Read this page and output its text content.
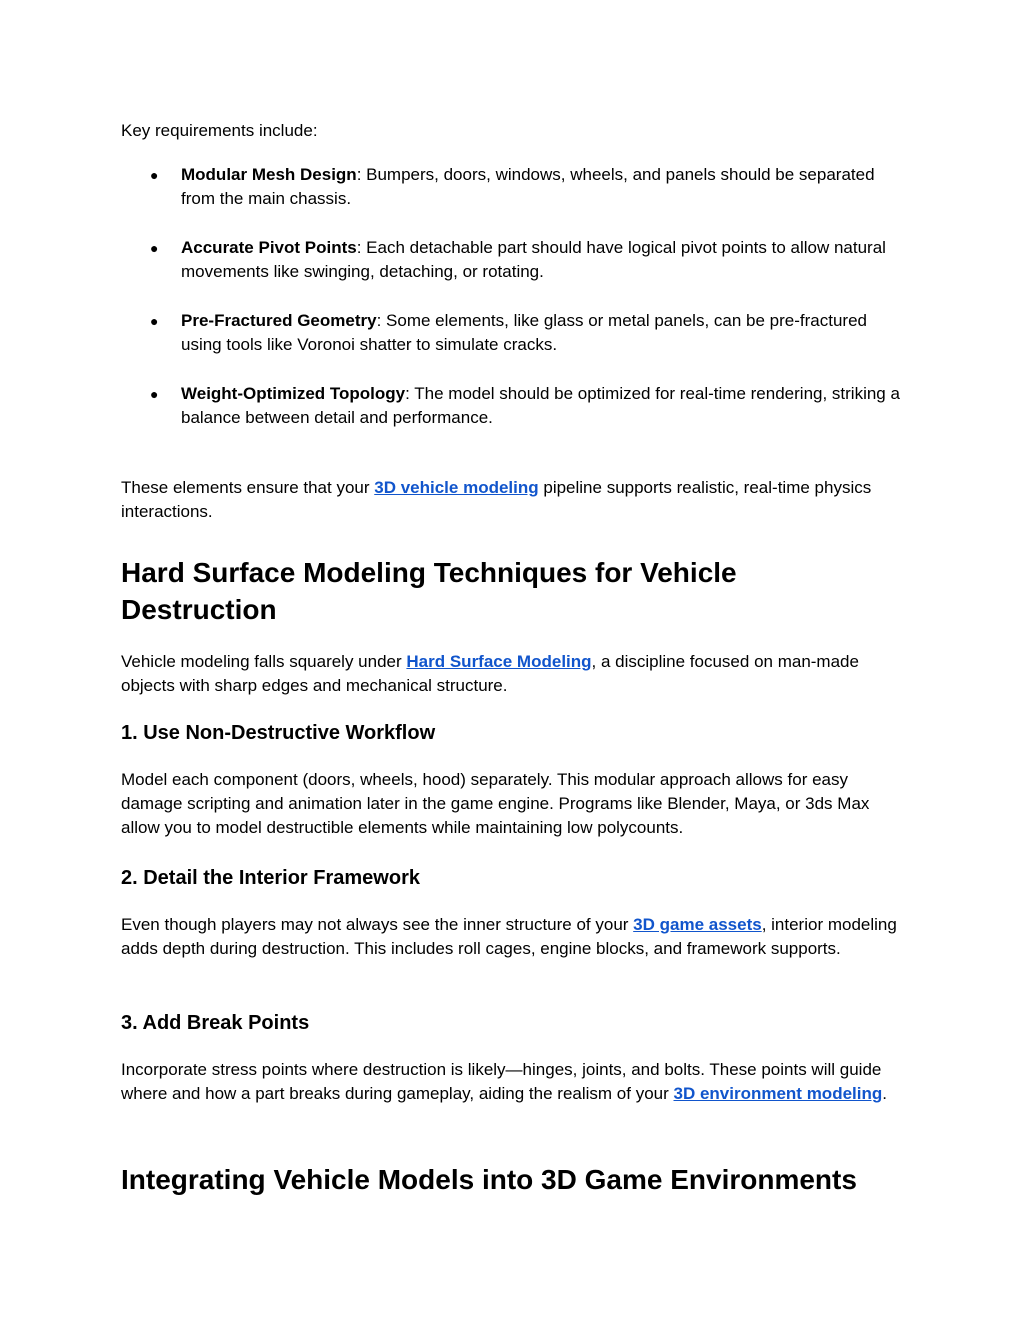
Key requirements include:

● Modular Mesh Design: Bumpers, doors, windows, wheels, and panels should be separated from the main chassis.
● Accurate Pivot Points: Each detachable part should have logical pivot points to allow natural movements like swinging, detaching, or rotating.
● Pre-Fractured Geometry: Some elements, like glass or metal panels, can be pre-fractured using tools like Voronoi shatter to simulate cracks.
● Weight-Optimized Topology: The model should be optimized for real-time rendering, striking a balance between detail and performance.

These elements ensure that your 3D vehicle modeling pipeline supports realistic, real-time physics interactions.

Hard Surface Modeling Techniques for Vehicle Destruction

Vehicle modeling falls squarely under Hard Surface Modeling, a discipline focused on man-made objects with sharp edges and mechanical structure.

1. Use Non-Destructive Workflow

Model each component (doors, wheels, hood) separately. This modular approach allows for easy damage scripting and animation later in the game engine. Programs like Blender, Maya, or 3ds Max allow you to model destructible elements while maintaining low polycounts.

2. Detail the Interior Framework

Even though players may not always see the inner structure of your 3D game assets, interior modeling adds depth during destruction. This includes roll cages, engine blocks, and framework supports.

3. Add Break Points

Incorporate stress points where destruction is likely—hinges, joints, and bolts. These points will guide where and how a part breaks during gameplay, aiding the realism of your 3D environment modeling.

Integrating Vehicle Models into 3D Game Environments
